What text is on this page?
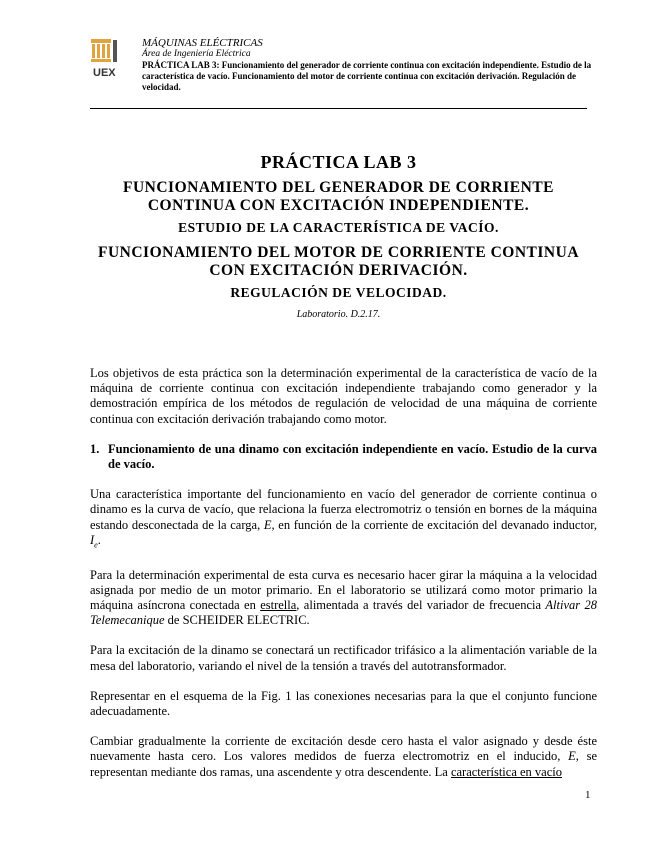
UEX
MÁQUINAS ELÉCTRICAS
Área de Ingeniería Eléctrica
PRÁCTICA LAB 3: Funcionamiento del generador de corriente continua con excitación independiente. Estudio de la característica de vacío. Funcionamiento del motor de corriente continua con excitación derivación. Regulación de velocidad.
PRÁCTICA LAB 3
FUNCIONAMIENTO DEL GENERADOR DE CORRIENTE CONTINUA CON EXCITACIÓN INDEPENDIENTE.
ESTUDIO DE LA CARACTERÍSTICA DE VACÍO.
FUNCIONAMIENTO DEL MOTOR DE CORRIENTE CONTINUA CON EXCITACIÓN DERIVACIÓN.
REGULACIÓN DE VELOCIDAD.
Laboratorio. D.2.17.

Los objetivos de esta práctica son la determinación experimental de la característica de vacío de la máquina de corriente continua con excitación independiente trabajando como generador y la demostración empírica de los métodos de regulación de velocidad de una máquina de corriente continua con excitación derivación trabajando como motor.

1. Funcionamiento de una dinamo con excitación independiente en vacío. Estudio de la curva de vacío.

Una característica importante del funcionamiento en vacío del generador de corriente continua o dinamo es la curva de vacío, que relaciona la fuerza electromotriz o tensión en bornes de la máquina estando desconectada de la carga, E, en función de la corriente de excitación del devanado inductor, $I_e$.

Para la determinación experimental de esta curva es necesario hacer girar la máquina a la velocidad asignada por medio de un motor primario. En el laboratorio se utilizará como motor primario la máquina asíncrona conectada en estrella, alimentada a través del variador de frecuencia Altivar 28 Telemecanique de SCHEIDER ELECTRIC.

Para la excitación de la dinamo se conectará un rectificador trifásico a la alimentación variable de la mesa del laboratorio, variando el nivel de la tensión a través del autotransformador.

Representar en el esquema de la Fig. 1 las conexiones necesarias para la que el conjunto funcione adecuadamente.

Cambiar gradualmente la corriente de excitación desde cero hasta el valor asignado y desde éste nuevamente hasta cero. Los valores medidos de fuerza electromotriz en el inducido, E, se representan mediante dos ramas, una ascendente y otra descendente. La característica en vacío

1
